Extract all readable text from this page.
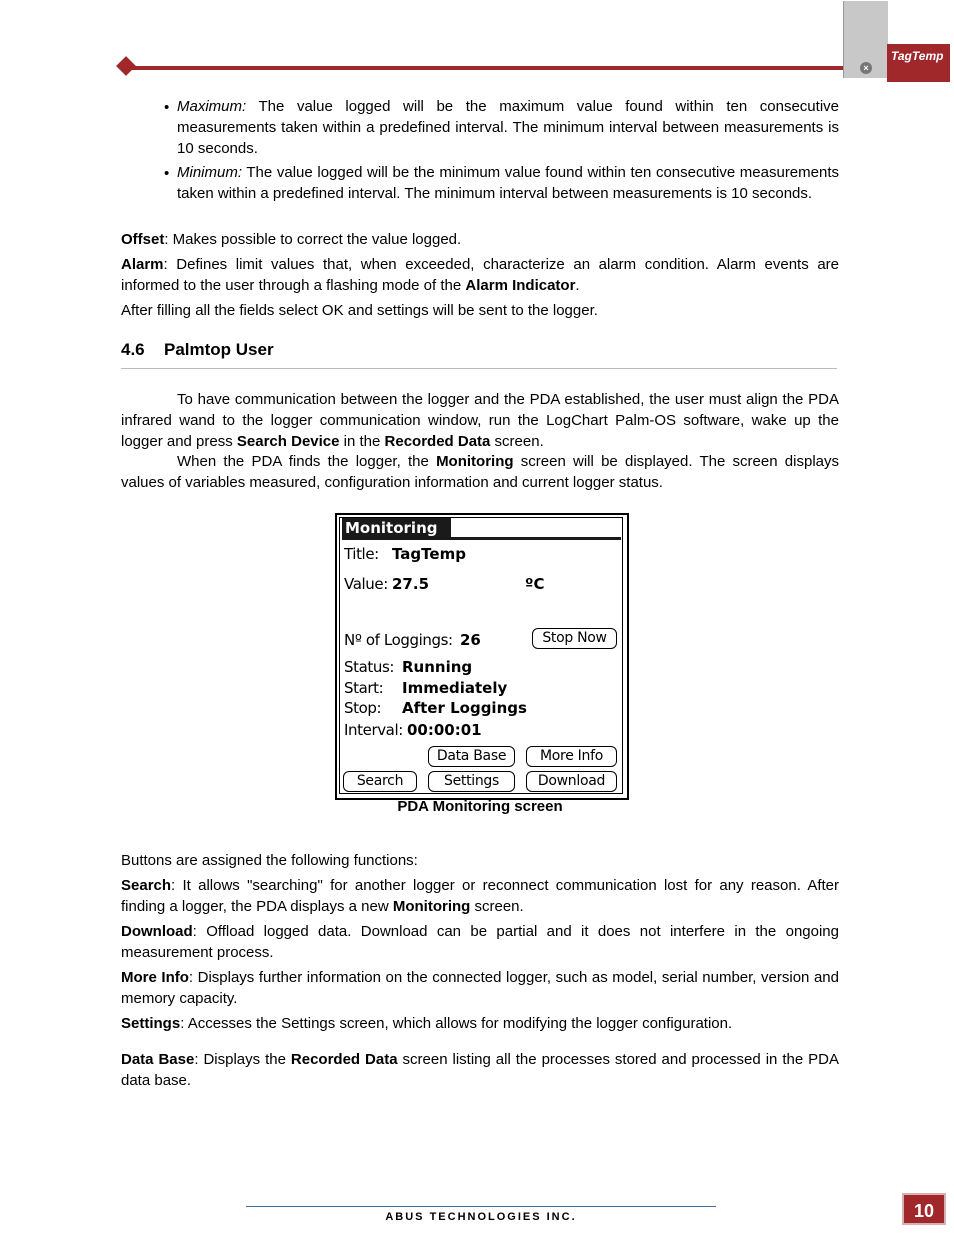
×
TagTemp
• Maximum: The value logged will be the maximum value found within ten consecutive measurements taken within a predefined interval. The minimum interval between measurements is 10 seconds.
• Minimum: The value logged will be the minimum value found within ten consecutive measurements taken within a predefined interval. The minimum interval between measurements is 10 seconds.
Offset: Makes possible to correct the value logged.
Alarm: Defines limit values that, when exceeded, characterize an alarm condition. Alarm events are informed to the user through a flashing mode of the Alarm Indicator.
After filling all the fields select OK and settings will be sent to the logger.
4.6 Palmtop User
To have communication between the logger and the PDA established, the user must align the PDA infrared wand to the logger communication window, run the LogChart Palm-OS software, wake up the logger and press Search Device in the Recorded Data screen.
When the PDA finds the logger, the Monitoring screen will be displayed. The screen displays values of variables measured, configuration information and current logger status.
Monitoring
Title: TagTemp
Value: 27.5	ºC
Nº of Loggings: 26	Stop Now
Status: Running
Start: Immediately
Stop: After Loggings
Interval: 00:00:01
Data Base	More Info
Search	Settings	Download
PDA Monitoring screen
Buttons are assigned the following functions:
Search: It allows "searching" for another logger or reconnect communication lost for any reason. After finding a logger, the PDA displays a new Monitoring screen.
Download: Offload logged data. Download can be partial and it does not interfere in the ongoing measurement process.
More Info: Displays further information on the connected logger, such as model, serial number, version and memory capacity.
Settings: Accesses the Settings screen, which allows for modifying the logger configuration.
Data Base: Displays the Recorded Data screen listing all the processes stored and processed in the PDA data base.
ABUS TECHNOLOGIES INC.	10
